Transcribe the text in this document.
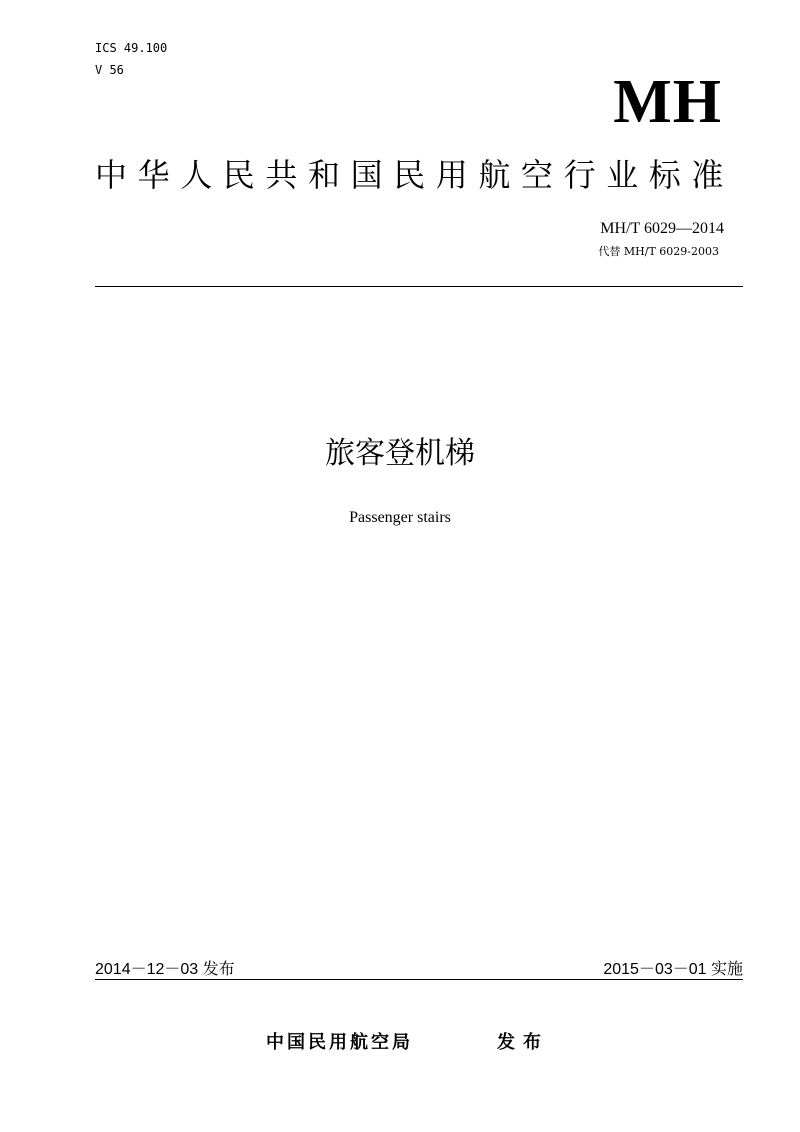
ICS 49.100
V 56	MH
中华人民共和国民用航空行业标准
MH/T 6029—2014
代替 MH/T 6029-2003
旅客登机梯
Passenger stairs
2014－12－03 发布	2015－03－01 实施
中国民用航空局	发布
